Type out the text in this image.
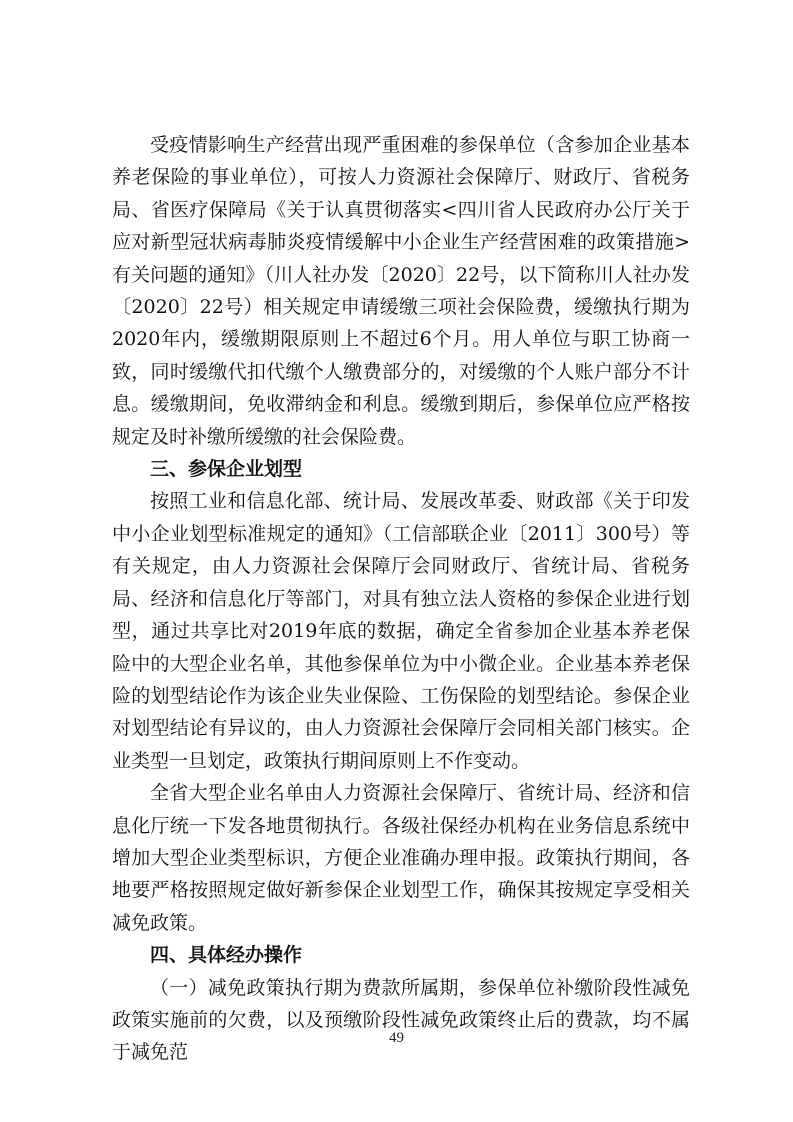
受疫情影响生产经营出现严重困难的参保单位（含参加企业基本养老保险的事业单位），可按人力资源社会保障厅、财政厅、省税务局、省医疗保障局《关于认真贯彻落实<四川省人民政府办公厅关于应对新型冠状病毒肺炎疫情缓解中小企业生产经营困难的政策措施>有关问题的通知》（川人社办发〔2020〕22号，以下简称川人社办发〔2020〕22号）相关规定申请缓缴三项社会保险费，缓缴执行期为2020年内，缓缴期限原则上不超过6个月。用人单位与职工协商一致，同时缓缴代扣代缴个人缴费部分的，对缓缴的个人账户部分不计息。缓缴期间，免收滞纳金和利息。缓缴到期后，参保单位应严格按规定及时补缴所缓缴的社会保险费。

三、参保企业划型

按照工业和信息化部、统计局、发展改革委、财政部《关于印发中小企业划型标准规定的通知》（工信部联企业〔2011〕300号）等有关规定，由人力资源社会保障厅会同财政厅、省统计局、省税务局、经济和信息化厅等部门，对具有独立法人资格的参保企业进行划型，通过共享比对2019年底的数据，确定全省参加企业基本养老保险中的大型企业名单，其他参保单位为中小微企业。企业基本养老保险的划型结论作为该企业失业保险、工伤保险的划型结论。参保企业对划型结论有异议的，由人力资源社会保障厅会同相关部门核实。企业类型一旦划定，政策执行期间原则上不作变动。

全省大型企业名单由人力资源社会保障厅、省统计局、经济和信息化厅统一下发各地贯彻执行。各级社保经办机构在业务信息系统中增加大型企业类型标识，方便企业准确办理申报。政策执行期间，各地要严格按照规定做好新参保企业划型工作，确保其按规定享受相关减免政策。

四、具体经办操作

（一）减免政策执行期为费款所属期，参保单位补缴阶段性减免政策实施前的欠费，以及预缴阶段性减免政策终止后的费款，均不属于减免范

49
